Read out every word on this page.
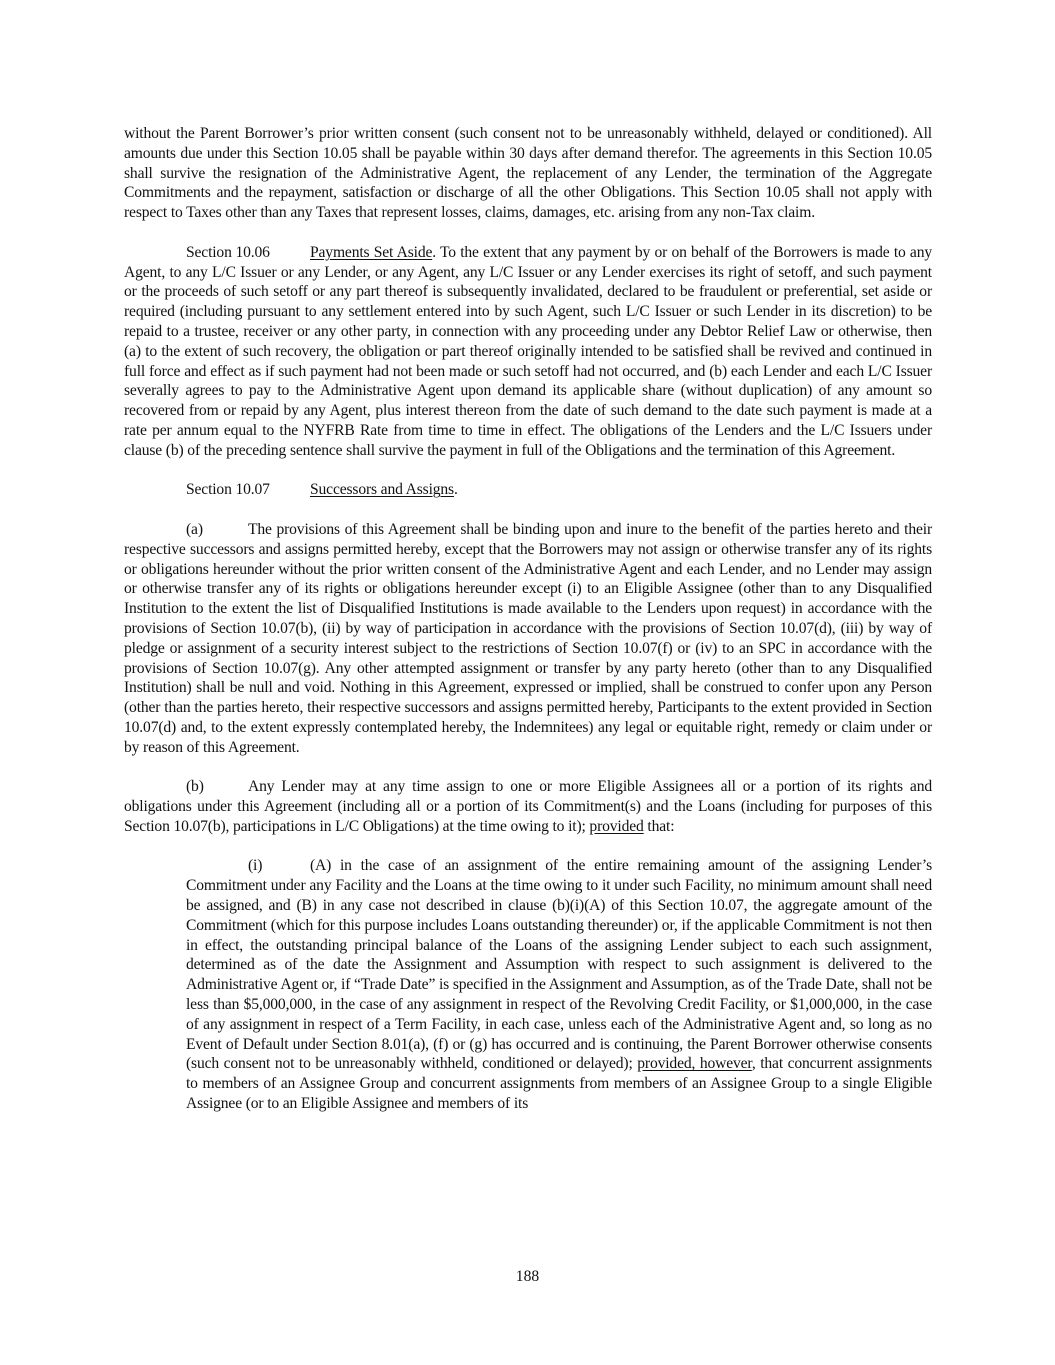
without the Parent Borrower’s prior written consent (such consent not to be unreasonably withheld, delayed or conditioned). All amounts due under this Section 10.05 shall be payable within 30 days after demand therefor. The agreements in this Section 10.05 shall survive the resignation of the Administrative Agent, the replacement of any Lender, the termination of the Aggregate Commitments and the repayment, satisfaction or discharge of all the other Obligations. This Section 10.05 shall not apply with respect to Taxes other than any Taxes that represent losses, claims, damages, etc. arising from any non-Tax claim.

Section 10.06	Payments Set Aside. To the extent that any payment by or on behalf of the Borrowers is made to any Agent, to any L/C Issuer or any Lender, or any Agent, any L/C Issuer or any Lender exercises its right of setoff, and such payment or the proceeds of such setoff or any part thereof is subsequently invalidated, declared to be fraudulent or preferential, set aside or required (including pursuant to any settlement entered into by such Agent, such L/C Issuer or such Lender in its discretion) to be repaid to a trustee, receiver or any other party, in connection with any proceeding under any Debtor Relief Law or otherwise, then (a) to the extent of such recovery, the obligation or part thereof originally intended to be satisfied shall be revived and continued in full force and effect as if such payment had not been made or such setoff had not occurred, and (b) each Lender and each L/C Issuer severally agrees to pay to the Administrative Agent upon demand its applicable share (without duplication) of any amount so recovered from or repaid by any Agent, plus interest thereon from the date of such demand to the date such payment is made at a rate per annum equal to the NYFRB Rate from time to time in effect. The obligations of the Lenders and the L/C Issuers under clause (b) of the preceding sentence shall survive the payment in full of the Obligations and the termination of this Agreement.

Section 10.07	Successors and Assigns.

(a)	The provisions of this Agreement shall be binding upon and inure to the benefit of the parties hereto and their respective successors and assigns permitted hereby, except that the Borrowers may not assign or otherwise transfer any of its rights or obligations hereunder without the prior written consent of the Administrative Agent and each Lender, and no Lender may assign or otherwise transfer any of its rights or obligations hereunder except (i) to an Eligible Assignee (other than to any Disqualified Institution to the extent the list of Disqualified Institutions is made available to the Lenders upon request) in accordance with the provisions of Section 10.07(b), (ii) by way of participation in accordance with the provisions of Section 10.07(d), (iii) by way of pledge or assignment of a security interest subject to the restrictions of Section 10.07(f) or (iv) to an SPC in accordance with the provisions of Section 10.07(g). Any other attempted assignment or transfer by any party hereto (other than to any Disqualified Institution) shall be null and void. Nothing in this Agreement, expressed or implied, shall be construed to confer upon any Person (other than the parties hereto, their respective successors and assigns permitted hereby, Participants to the extent provided in Section 10.07(d) and, to the extent expressly contemplated hereby, the Indemnitees) any legal or equitable right, remedy or claim under or by reason of this Agreement.

(b)	Any Lender may at any time assign to one or more Eligible Assignees all or a portion of its rights and obligations under this Agreement (including all or a portion of its Commitment(s) and the Loans (including for purposes of this Section 10.07(b), participations in L/C Obligations) at the time owing to it); provided that:

(i)	(A) in the case of an assignment of the entire remaining amount of the assigning Lender’s Commitment under any Facility and the Loans at the time owing to it under such Facility, no minimum amount shall need be assigned, and (B) in any case not described in clause (b)(i)(A) of this Section 10.07, the aggregate amount of the Commitment (which for this purpose includes Loans outstanding thereunder) or, if the applicable Commitment is not then in effect, the outstanding principal balance of the Loans of the assigning Lender subject to each such assignment, determined as of the date the Assignment and Assumption with respect to such assignment is delivered to the Administrative Agent or, if “Trade Date” is specified in the Assignment and Assumption, as of the Trade Date, shall not be less than $5,000,000, in the case of any assignment in respect of the Revolving Credit Facility, or $1,000,000, in the case of any assignment in respect of a Term Facility, in each case, unless each of the Administrative Agent and, so long as no Event of Default under Section 8.01(a), (f) or (g) has occurred and is continuing, the Parent Borrower otherwise consents (such consent not to be unreasonably withheld, conditioned or delayed); provided, however, that concurrent assignments to members of an Assignee Group and concurrent assignments from members of an Assignee Group to a single Eligible Assignee (or to an Eligible Assignee and members of its

188
